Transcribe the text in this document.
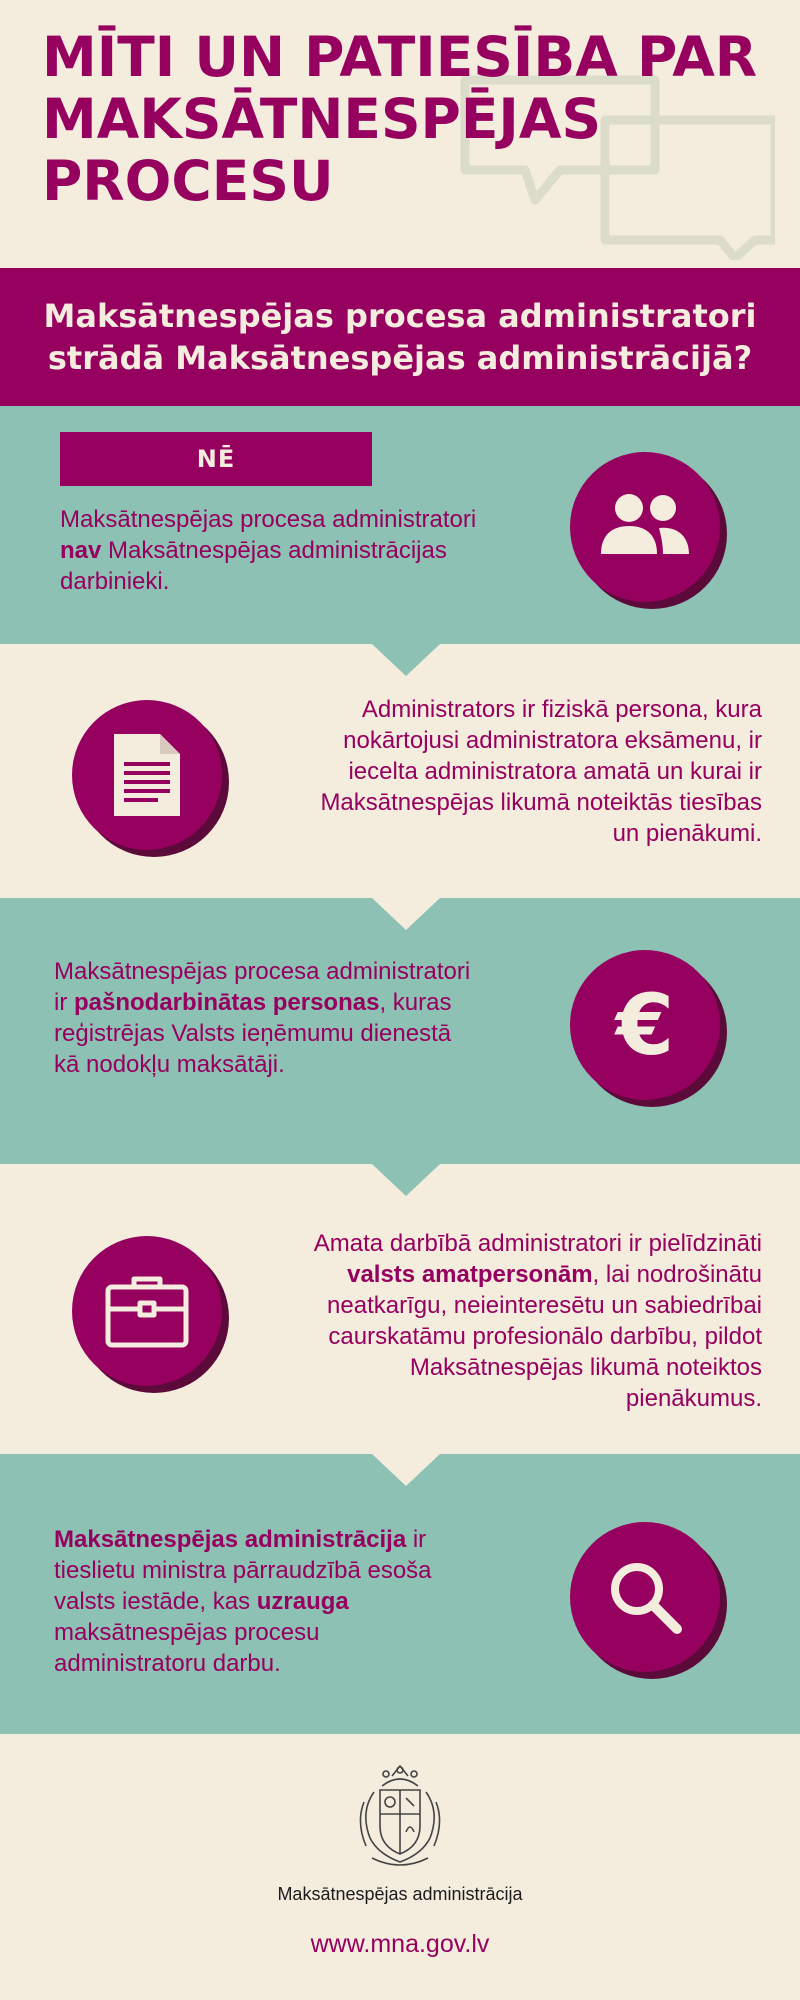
MĪTI UN PATIESĪBA PAR
MAKSĀTNESPĒJAS
PROCESU
Maksātnespējas procesa administratori
strādā Maksātnespējas administrācijā?
NĒ
Maksātnespējas procesa administratori nav Maksātnespējas administrācijas darbinieki.
Administrators ir fiziskā persona, kura nokārtojusi administratora eksāmenu, ir iecelta administratora amatā un kurai ir Maksātnespējas likumā noteiktās tiesības un pienākumi.
Maksātnespējas procesa administratori ir pašnodarbinātas personas, kuras reģistrējas Valsts ieņēmumu dienestā kā nodokļu maksātāji.	€
Amata darbībā administratori ir pielīdzināti valsts amatpersonām, lai nodrošinātu neatkarīgu, neieinteresētu un sabiedrībai caurskatāmu profesionālo darbību, pildot Maksātnespējas likumā noteiktos pienākumus.
Maksātnespējas administrācija ir tieslietu ministra pārraudzībā esoša valsts iestāde, kas uzrauga maksātnespējas procesu administratoru darbu.
Maksātnespējas administrācija
www.mna.gov.lv
